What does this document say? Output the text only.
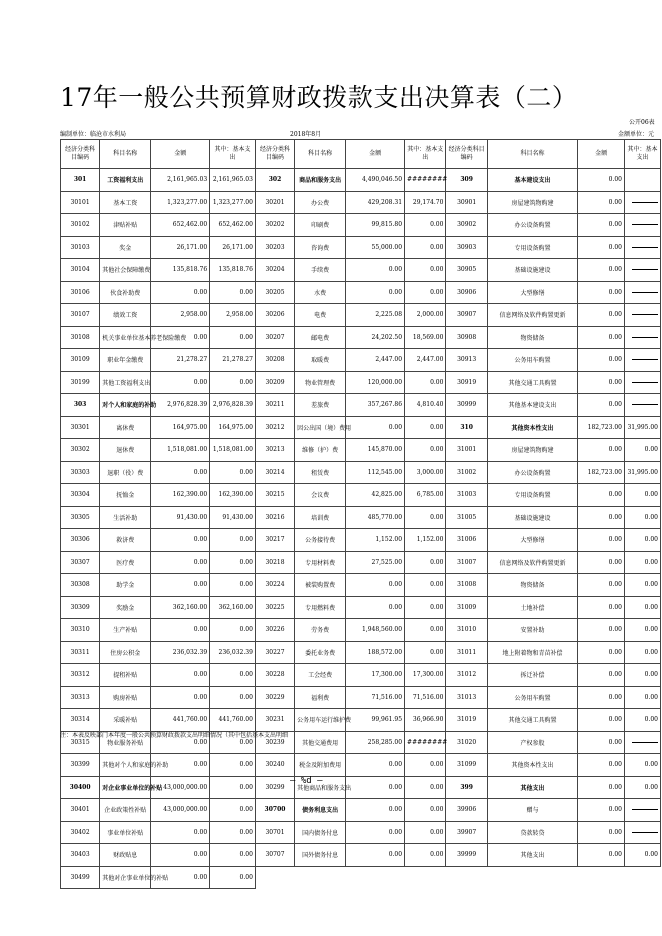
17年一般公共预算财政拨款支出决算表（二）
公开06表
编制单位：临沧市水利局	2018年8月	金额单位：元
经济分类科目编码	科目名称	金额	其中：基本支出	经济分类科目编码	科目名称	金额	其中：基本支出	经济分类科目编码	科目名称	金额	其中：基本支出
301	工资福利支出	2,161,965.03	2,161,965.03	302	商品和服务支出	4,490,046.50	########	309	基本建设支出	0.00	
30101	基本工资	1,323,277.00	1,323,277.00	30201	办公费	429,208.31	29,174.70	30901	房屋建筑物购建	0.00	
30102	津贴补贴	652,462.00	652,462.00	30202	印刷费	99,815.80	0.00	30902	办公设备购置	0.00	
30103	奖金	26,171.00	26,171.00	30203	咨询费	55,000.00	0.00	30903	专用设备购置	0.00	
30104	其他社会保障缴费	135,818.76	135,818.76	30204	手续费	0.00	0.00	30905	基础设施建设	0.00	
30106	伙食补助费	0.00	0.00	30205	水费	0.00	0.00	30906	大型修缮	0.00	
30107	绩效工资	2,958.00	2,958.00	30206	电费	2,225.08	2,000.00	30907	信息网络及软件购置更新	0.00	
30108	机关事业单位基本养老保险缴费	0.00	0.00	30207	邮电费	24,202.50	18,569.00	30908	物资储备	0.00	
30109	职业年金缴费	21,278.27	21,278.27	30208	取暖费	2,447.00	2,447.00	30913	公务用车购置	0.00	
30199	其他工资福利支出	0.00	0.00	30209	物业管理费	120,000.00	0.00	30919	其他交通工具购置	0.00	
303	对个人和家庭的补助	2,976,828.39	2,976,828.39	30211	差旅费	357,267.86	4,810.40	30999	其他基本建设支出	0.00	
30301	离休费	164,975.00	164,975.00	30212	因公出国（境）费用	0.00	0.00	310	其他资本性支出	182,723.00	31,995.00
30302	退休费	1,518,081.00	1,518,081.00	30213	维修（护）费	145,870.00	0.00	31001	房屋建筑物购建	0.00	0.00
30303	退职（役）费	0.00	0.00	30214	租赁费	112,545.00	3,000.00	31002	办公设备购置	182,723.00	31,995.00
30304	抚恤金	162,390.00	162,390.00	30215	会议费	42,825.00	6,785.00	31003	专用设备购置	0.00	0.00
30305	生活补助	91,430.00	91,430.00	30216	培训费	485,770.00	0.00	31005	基础设施建设	0.00	0.00
30306	救济费	0.00	0.00	30217	公务接待费	1,152.00	1,152.00	31006	大型修缮	0.00	0.00
30307	医疗费	0.00	0.00	30218	专用材料费	27,525.00	0.00	31007	信息网络及软件购置更新	0.00	0.00
30308	助学金	0.00	0.00	30224	被装购置费	0.00	0.00	31008	物资储备	0.00	0.00
30309	奖励金	362,160.00	362,160.00	30225	专用燃料费	0.00	0.00	31009	土地补偿	0.00	0.00
30310	生产补贴	0.00	0.00	30226	劳务费	1,948,560.00	0.00	31010	安置补助	0.00	0.00
30311	住房公积金	236,032.39	236,032.39	30227	委托业务费	188,572.00	0.00	31011	地上附着物和青苗补偿	0.00	0.00
30312	提租补贴	0.00	0.00	30228	工会经费	17,300.00	17,300.00	31012	拆迁补偿	0.00	0.00
30313	购房补贴	0.00	0.00	30229	福利费	71,516.00	71,516.00	31013	公务用车购置	0.00	0.00
30314	采暖补贴	441,760.00	441,760.00	30231	公务用车运行维护费	99,961.95	36,966.90	31019	其他交通工具购置	0.00	0.00
30315	物业服务补贴	0.00	0.00	30239	其他交通费用	258,285.00	########	31020	产权参股	0.00	
30399	其他对个人和家庭的补助	0.00	0.00	30240	税金及附加费用	0.00	0.00	31099	其他资本性支出	0.00	0.00
30400	对企业事业单位的补贴	43,000,000.00	0.00	30299	其他商品和服务支出	0.00	0.00	399	其他支出	0.00	0.00
30401	企业政策性补贴	43,000,000.00	0.00	30700	债务利息支出	0.00	0.00	39906	赠与	0.00	
30402	事业单位补贴	0.00	0.00	30701	国内债务付息	0.00	0.00	39907	贷款转贷	0.00	
30403	财政贴息	0.00	0.00	30707	国外债务付息	0.00	0.00	39999	其他支出	0.00	0.00
30499	其他对企事业单位的补贴	0.00	0.00								
注：本表反映部门本年度一般公共预算财政拨款支出明细情况（其中包括基本支出明细
— %d —
